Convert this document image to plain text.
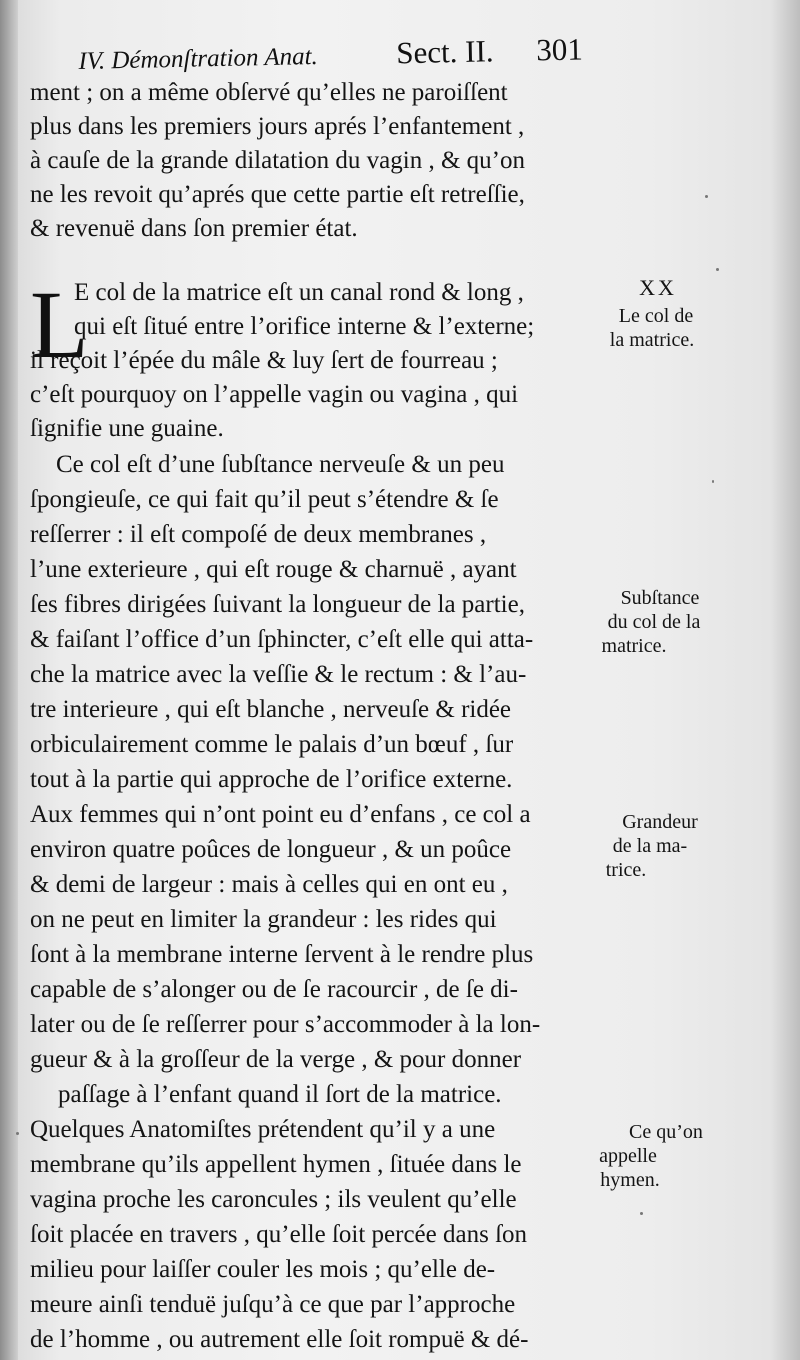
IV. Démonſtration Anat.	Sect. II. 301
L
ment ; on a même obſervé qu’elles ne paroiſſent
plus dans les premiers jours aprés l’enfantement ,
à cauſe de la grande dilatation du vagin , & qu’on
ne les revoit qu’aprés que cette partie eſt retreſſie,
& revenuë dans ſon premier état.
E col de la matrice eſt un canal rond & long ,
qui eſt ſitué entre l’orifice interne & l’externe;
il reçoit l’épée du mâle & luy ſert de fourreau ;
c’eſt pourquoy on l’appelle vagin ou vagina , qui
ſignifie une guaine.
Ce col eſt d’une ſubſtance nerveuſe & un peu
ſpongieuſe, ce qui fait qu’il peut s’étendre & ſe
reſſerrer : il eſt compoſé de deux membranes ,
l’une exterieure , qui eſt rouge & charnuë , ayant
ſes fibres dirigées ſuivant la longueur de la partie,
& faiſant l’office d’un ſphincter, c’eſt elle qui atta-
che la matrice avec la veſſie & le rectum : & l’au-
tre interieure , qui eſt blanche , nerveuſe & ridée
orbiculairement comme le palais d’un bœuf , ſur
tout à la partie qui approche de l’orifice externe.
Aux femmes qui n’ont point eu d’enfans , ce col a
environ quatre poûces de longueur , & un poûce
& demi de largeur : mais à celles qui en ont eu ,
on ne peut en limiter la grandeur : les rides qui
ſont à la membrane interne ſervent à le rendre plus
capable de s’alonger ou de ſe racourcir , de ſe di-
later ou de ſe reſſerrer pour s’accommoder à la lon-
gueur & à la groſſeur de la verge , & pour donner
paſſage à l’enfant quand il ſort de la matrice.
Quelques Anatomiſtes prétendent qu’il y a une
membrane qu’ils appellent hymen , ſituée dans le
vagina proche les caroncules ; ils veulent qu’elle
ſoit placée en travers , qu’elle ſoit percée dans ſon
milieu pour laiſſer couler les mois ; qu’elle de-
meure ainſi tenduë juſqu’à ce que par l’approche
de l’homme , ou autrement elle ſoit rompuë & dé-
XX
Le col de
la matrice.
Subſtance
du col de la
matrice.
Grandeur
de la ma-
trice.
Ce qu’on
appelle
hymen.
